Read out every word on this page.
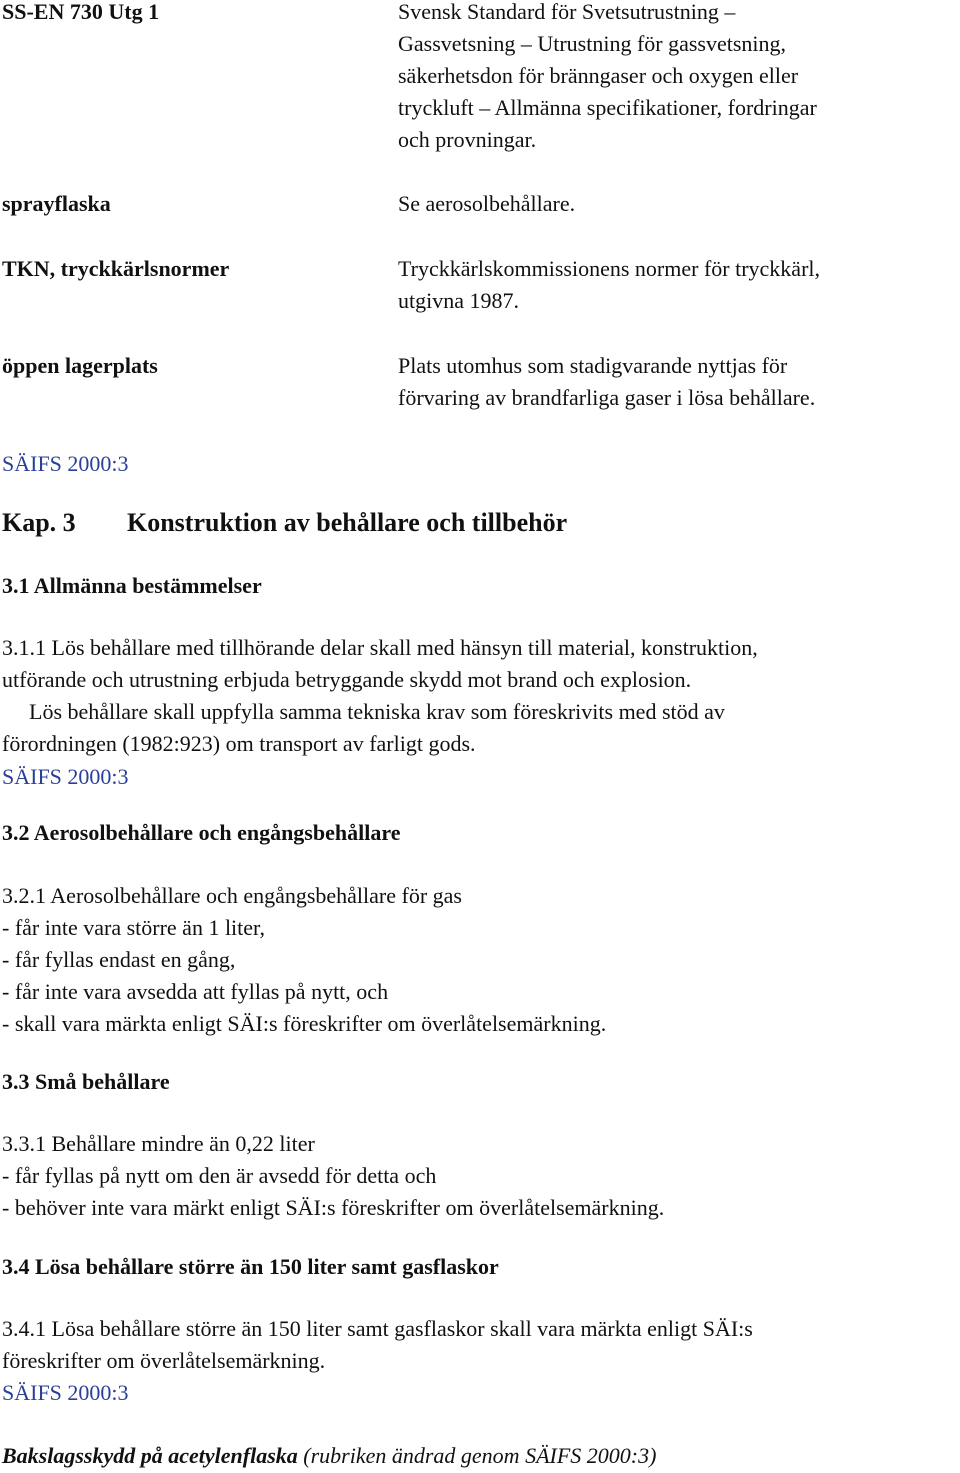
SS-EN 730 Utg 1	Svensk Standard för Svetsutrustning –
Gassvetsning – Utrustning för gassvetsning,
säkerhetsdon för bränngaser och oxygen eller
tryckluft – Allmänna specifikationer, fordringar
och provningar.
sprayflaska	Se aerosolbehållare.
TKN, tryckkärlsnormer	Tryckkärlskommissionens normer för tryckkärl,
utgivna 1987.
öppen lagerplats	Plats utomhus som stadigvarande nyttjas för
förvaring av brandfarliga gaser i lösa behållare.
SÄIFS 2000:3
Kap. 3 Konstruktion av behållare och tillbehör
3.1 Allmänna bestämmelser
3.1.1 Lös behållare med tillhörande delar skall med hänsyn till material, konstruktion,
utförande och utrustning erbjuda betryggande skydd mot brand och explosion.
Lös behållare skall uppfylla samma tekniska krav som föreskrivits med stöd av
förordningen (1982:923) om transport av farligt gods.
SÄIFS 2000:3
3.2 Aerosolbehållare och engångsbehållare
3.2.1 Aerosolbehållare och engångsbehållare för gas
- får inte vara större än 1 liter,
- får fyllas endast en gång,
- får inte vara avsedda att fyllas på nytt, och
- skall vara märkta enligt SÄI:s föreskrifter om överlåtelsemärkning.
3.3 Små behållare
3.3.1 Behållare mindre än 0,22 liter
- får fyllas på nytt om den är avsedd för detta och
- behöver inte vara märkt enligt SÄI:s föreskrifter om överlåtelsemärkning.
3.4 Lösa behållare större än 150 liter samt gasflaskor
3.4.1 Lösa behållare större än 150 liter samt gasflaskor skall vara märkta enligt SÄI:s
föreskrifter om överlåtelsemärkning.
SÄIFS 2000:3
Bakslagsskydd på acetylenflaska (rubriken ändrad genom SÄIFS 2000:3)
